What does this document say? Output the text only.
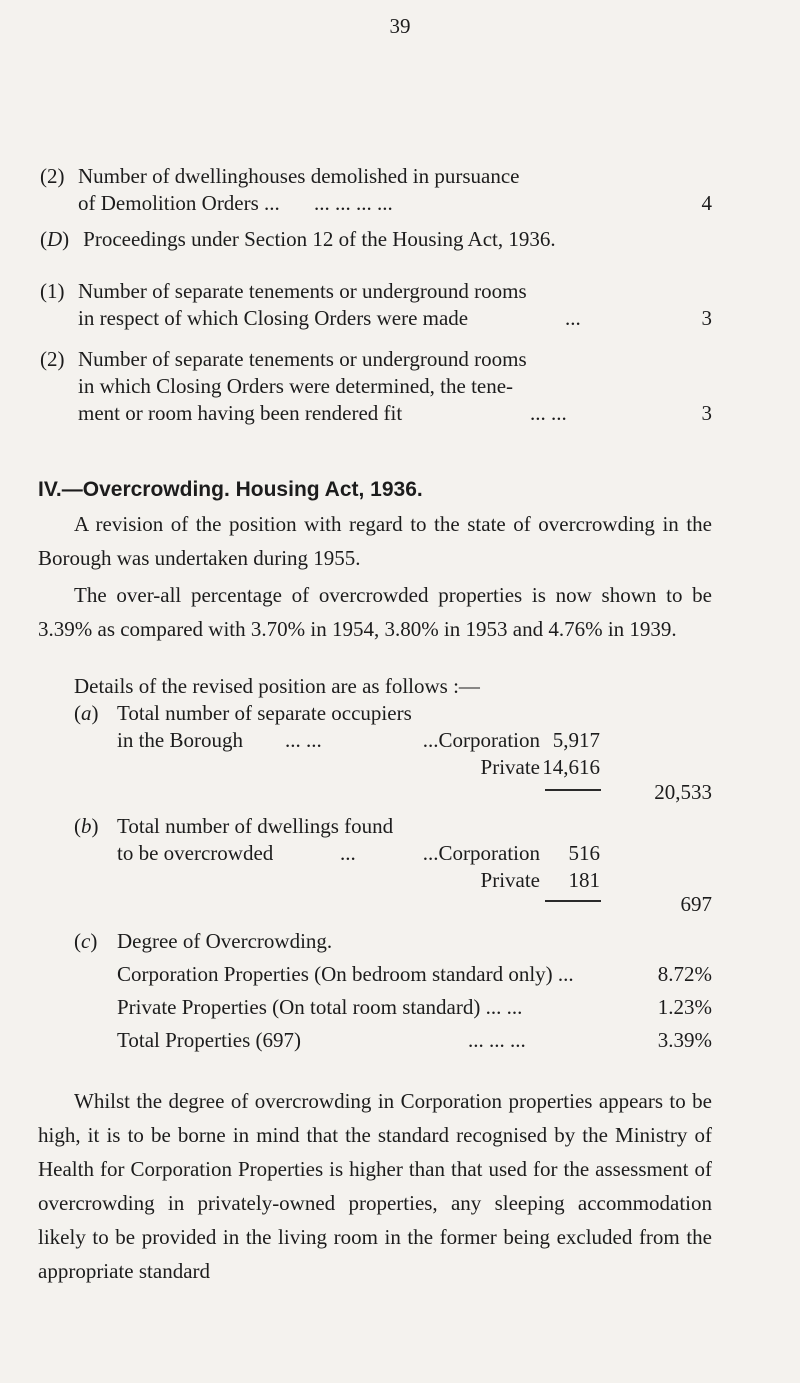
39
(2) Number of dwellinghouses demolished in pursuance
of Demolition Orders ... ... ... ... ...	4
(D) Proceedings under Section 12 of the Housing Act, 1936.
(1) Number of separate tenements or underground rooms
in respect of which Closing Orders were made	...	3
(2) Number of separate tenements or underground rooms
in which Closing Orders were determined, the tene-
ment or room having been rendered fit	... ...	3
IV.—Overcrowding. Housing Act, 1936.
A revision of the position with regard to the state of overcrowding in the Borough was undertaken during 1955.
The over-all percentage of overcrowded properties is now shown to be 3.39% as compared with 3.70% in 1954, 3.80% in 1953 and 4.76% in 1939.
Details of the revised position are as follows :—
(a) Total number of separate occupiers
in the Borough ... ...	...Corporation 5,917
Private 14,616
20,533
(b) Total number of dwellings found
to be overcrowded	...	...Corporation	516
Private	181
697
(c) Degree of Overcrowding.
Corporation Properties (On bedroom standard only) ...	8.72%
Private Properties (On total room standard) ... ...	1.23%
Total Properties (697)	... ... ...	3.39%
Whilst the degree of overcrowding in Corporation properties appears to be high, it is to be borne in mind that the standard recognised by the Ministry of Health for Corporation Properties is higher than that used for the assessment of overcrowding in privately-owned properties, any sleeping accommodation likely to be provided in the living room in the former being excluded from the appropriate standard
